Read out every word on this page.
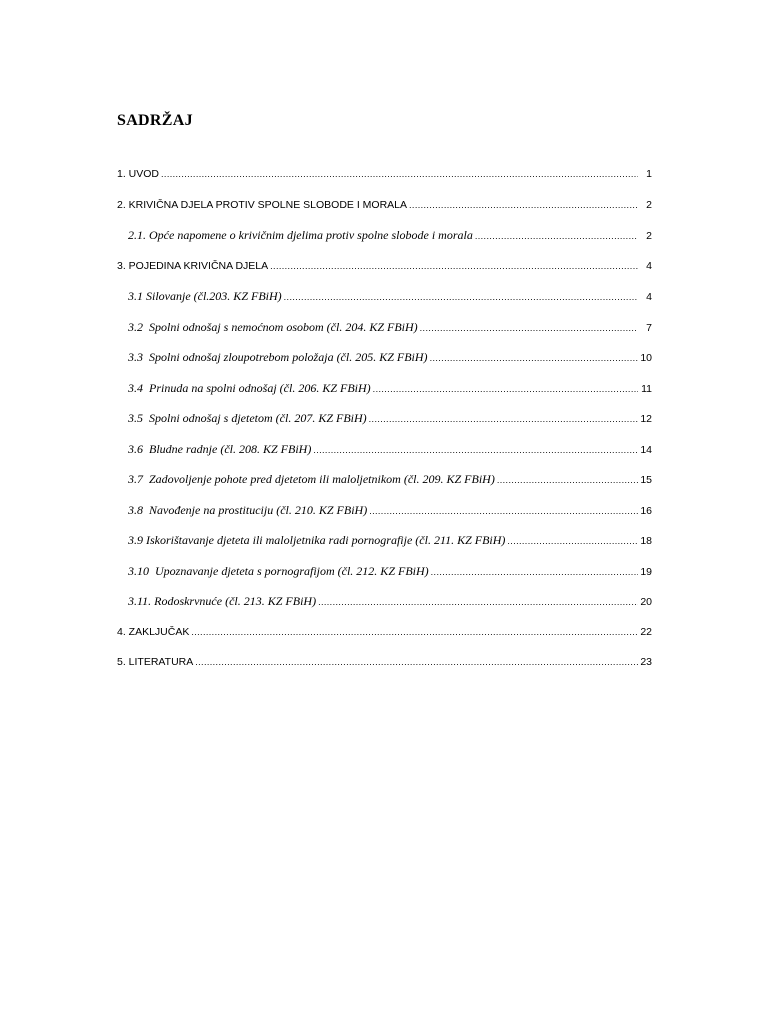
SADRŽAJ
1. UVOD .....	1
2. KRIVIČNA DJELA PROTIV SPOLNE SLOBODE I MORALA .....	2
2.1. Opće napomene o krivičnim djelima protiv spolne slobode i morala .....	2
3. POJEDINA KRIVIČNA DJELA .....	4
3.1 Silovanje (čl.203. KZ FBiH) .....	4
3.2  Spolni odnošaj s nemoćnom osobom (čl. 204. KZ FBiH) .....	7
3.3  Spolni odnošaj zloupotrebom položaja (čl. 205. KZ FBiH) .....	10
3.4  Prinuda na spolni odnošaj (čl. 206. KZ FBiH) .....	11
3.5  Spolni odnošaj s djetetom (čl. 207. KZ FBiH) .....	12
3.6  Bludne radnje (čl. 208. KZ FBiH) .....	14
3.7  Zadovoljenje pohote pred djetetom ili maloljetnikom (čl. 209. KZ FBiH) .....	15
3.8  Navođenje na prostituciju (čl. 210. KZ FBiH) .....	16
3.9 Iskorištavanje djeteta ili maloljetnika radi pornografije (čl. 211. KZ FBiH) .....	18
3.10  Upoznavanje djeteta s pornografijom (čl. 212. KZ FBiH) .....	19
3.11. Rodoskrvnuće (čl. 213. KZ FBiH) .....	20
4. ZAKLJUČAK .....	22
5. LITERATURA .....	23
